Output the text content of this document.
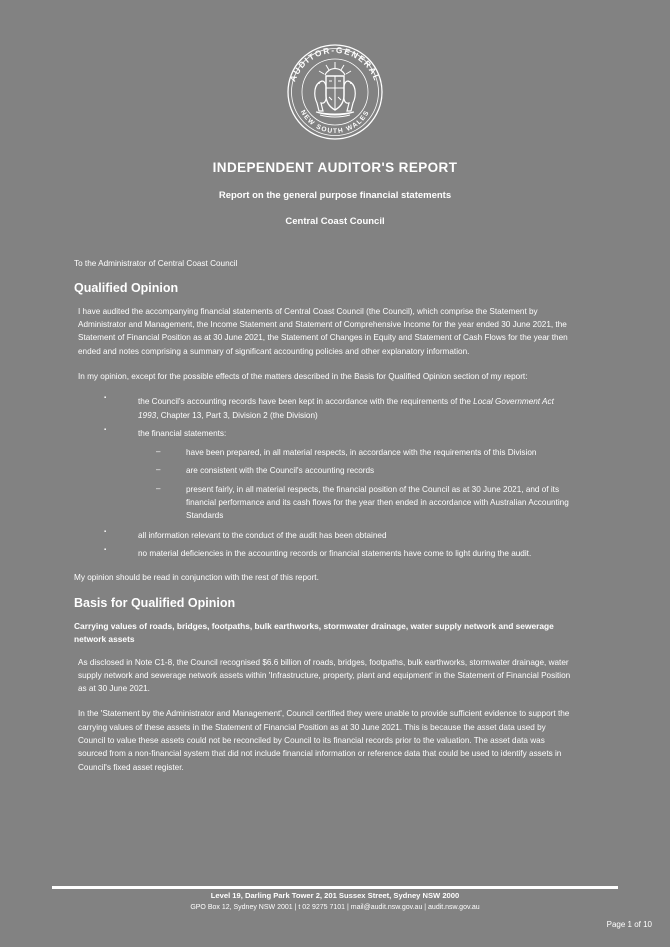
AUDITOR-GENERAL
NEW SOUTH WALES
INDEPENDENT AUDITOR'S REPORT
Report on the general purpose financial statements
Central Coast Council

To the Administrator of Central Coast Council

Qualified Opinion

I have audited the accompanying financial statements of Central Coast Council (the Council), which comprise the Statement by Administrator and Management, the Income Statement and Statement of Comprehensive Income for the year ended 30 June 2021, the Statement of Financial Position as at 30 June 2021, the Statement of Changes in Equity and Statement of Cash Flows for the year then ended and notes comprising a summary of significant accounting policies and other explanatory information.

In my opinion, except for the possible effects of the matters described in the Basis for Qualified Opinion section of my report:

▪ the Council's accounting records have been kept in accordance with the requirements of the Local Government Act 1993, Chapter 13, Part 3, Division 2 (the Division)
▪ the financial statements:
– have been prepared, in all material respects, in accordance with the requirements of this Division
– are consistent with the Council's accounting records
– present fairly, in all material respects, the financial position of the Council as at 30 June 2021, and of its financial performance and its cash flows for the year then ended in accordance with Australian Accounting Standards
▪ all information relevant to the conduct of the audit has been obtained
▪ no material deficiencies in the accounting records or financial statements have come to light during the audit.

My opinion should be read in conjunction with the rest of this report.

Basis for Qualified Opinion
Carrying values of roads, bridges, footpaths, bulk earthworks, stormwater drainage, water supply network and sewerage network assets

As disclosed in Note C1-8, the Council recognised $6.6 billion of roads, bridges, footpaths, bulk earthworks, stormwater drainage, water supply network and sewerage network assets within 'Infrastructure, property, plant and equipment' in the Statement of Financial Position as at 30 June 2021.

In the 'Statement by the Administrator and Management', Council certified they were unable to provide sufficient evidence to support the carrying values of these assets in the Statement of Financial Position as at 30 June 2021. This is because the asset data used by Council to value these assets could not be reconciled by Council to its financial records prior to the valuation. The asset data was sourced from a non-financial system that did not include financial information or reference data that could be used to identify assets in Council's fixed asset register.

Level 19, Darling Park Tower 2, 201 Sussex Street, Sydney NSW 2000

GPO Box 12, Sydney NSW 2001 | t 02 9275 7101 | mail@audit.nsw.gov.au | audit.nsw.gov.au

Page 1 of 10
